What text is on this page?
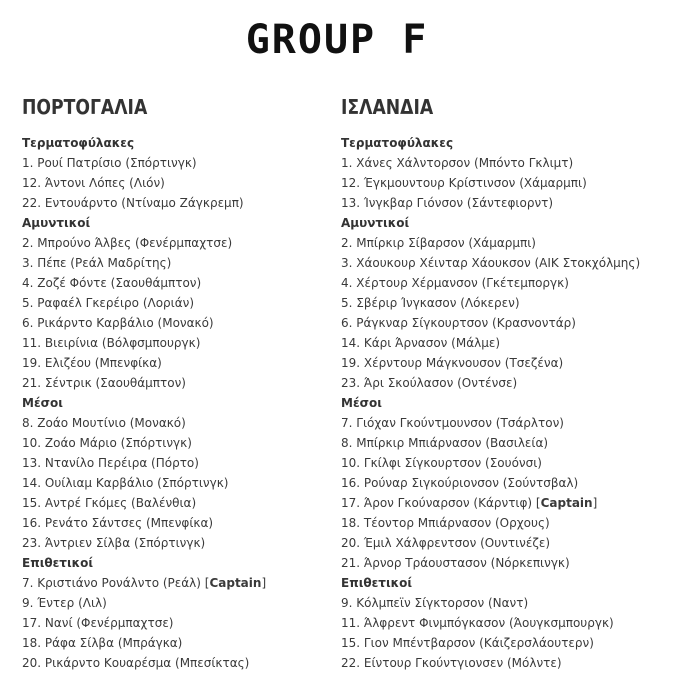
GROUP F
ΠΟΡΤΟΓΑΛΙΑ
Τερματοφύλακες
1. Ρουί Πατρίσιο (Σπόρτινγκ)
12. Άντονι Λόπες (Λιόν)
22. Εντουάρντο (Ντίναμο Ζάγκρεμπ)
Αμυντικοί
2. Μπρούνο Άλβες (Φενέρμπαχτσε)
3. Πέπε (Ρεάλ Μαδρίτης)
4. Ζοζέ Φόντε (Σαουθάμπτον)
5. Ραφαέλ Γκερέιρο (Λοριάν)
6. Ρικάρντο Καρβάλιο (Μονακό)
11. Βιειρίνια (Βόλφσμπουργκ)
19. Ελιζέου (Μπενφίκα)
21. Σέντρικ (Σαουθάμπτον)
Μέσοι
8. Ζοάο Μουτίνιο (Μονακό)
10. Ζοάο Μάριο (Σπόρτινγκ)
13. Ντανίλο Περέιρα (Πόρτο)
14. Ουίλιαμ Καρβάλιο (Σπόρτινγκ)
15. Αντρέ Γκόμες (Βαλένθια)
16. Ρενάτο Σάντσες (Μπενφίκα)
23. Άντριεν Σίλβα (Σπόρτινγκ)
Επιθετικοί
7. Κριστιάνο Ρονάλντο (Ρεάλ) [Captain]
9. Έντερ (Λιλ)
17. Νανί (Φενέρμπαχτσε)
18. Ράφα Σίλβα (Μπράγκα)
20. Ρικάρντο Κουαρέσμα (Μπεσίκτας)
ΙΣΛΑΝΔΙΑ
Τερματοφύλακες
1. Χάνες Χάλντορσον (Μπόντο Γκλιμτ)
12. Έγκμουντουρ Κρίστινσον (Χάμαρμπι)
13. Ίνγκβαρ Γιόνσον (Σάντεφιορντ)
Αμυντικοί
2. Μπίρκιρ Σίβαρσον (Χάμαρμπι)
3. Χάουκουρ Χέινταρ Χάουκσον (AIK Στοκχόλμης)
4. Χέρτουρ Χέρμανσον (Γκέτεμποργκ)
5. Σβέριρ Ίνγκασον (Λόκερεν)
6. Ράγκναρ Σίγκουρτσον (Κρασνοντάρ)
14. Κάρι Άρνασον (Μάλμε)
19. Χέρντουρ Μάγκνουσον (Τσεζένα)
23. Άρι Σκούλασον (Οντένσε)
Μέσοι
7. Γιόχαν Γκούντμουνσον (Τσάρλτον)
8. Μπίρκιρ Μπιάρνασον (Βασιλεία)
10. Γκίλφι Σίγκουρτσον (Σουόνσι)
16. Ρούναρ Σιγκούριονσον (Σούντσβαλ)
17. Άρον Γκούναρσον (Κάρντιφ) [Captain]
18. Τέοντορ Μπιάρνασον (Ορχους)
20. Έμιλ Χάλφρεντσον (Ουντινέζε)
21. Άρνορ Τράουστασον (Νόρκεπινγκ)
Επιθετικοί
9. Κόλμπεϊν Σίγκτορσον (Ναντ)
11. Άλφρεντ Φινμπόγκασον (Άουγκσμπουργκ)
15. Γιον Μπέντβαρσον (Κάιζερσλάουτερν)
22. Είντουρ Γκούντγιονσεν (Μόλντε)
